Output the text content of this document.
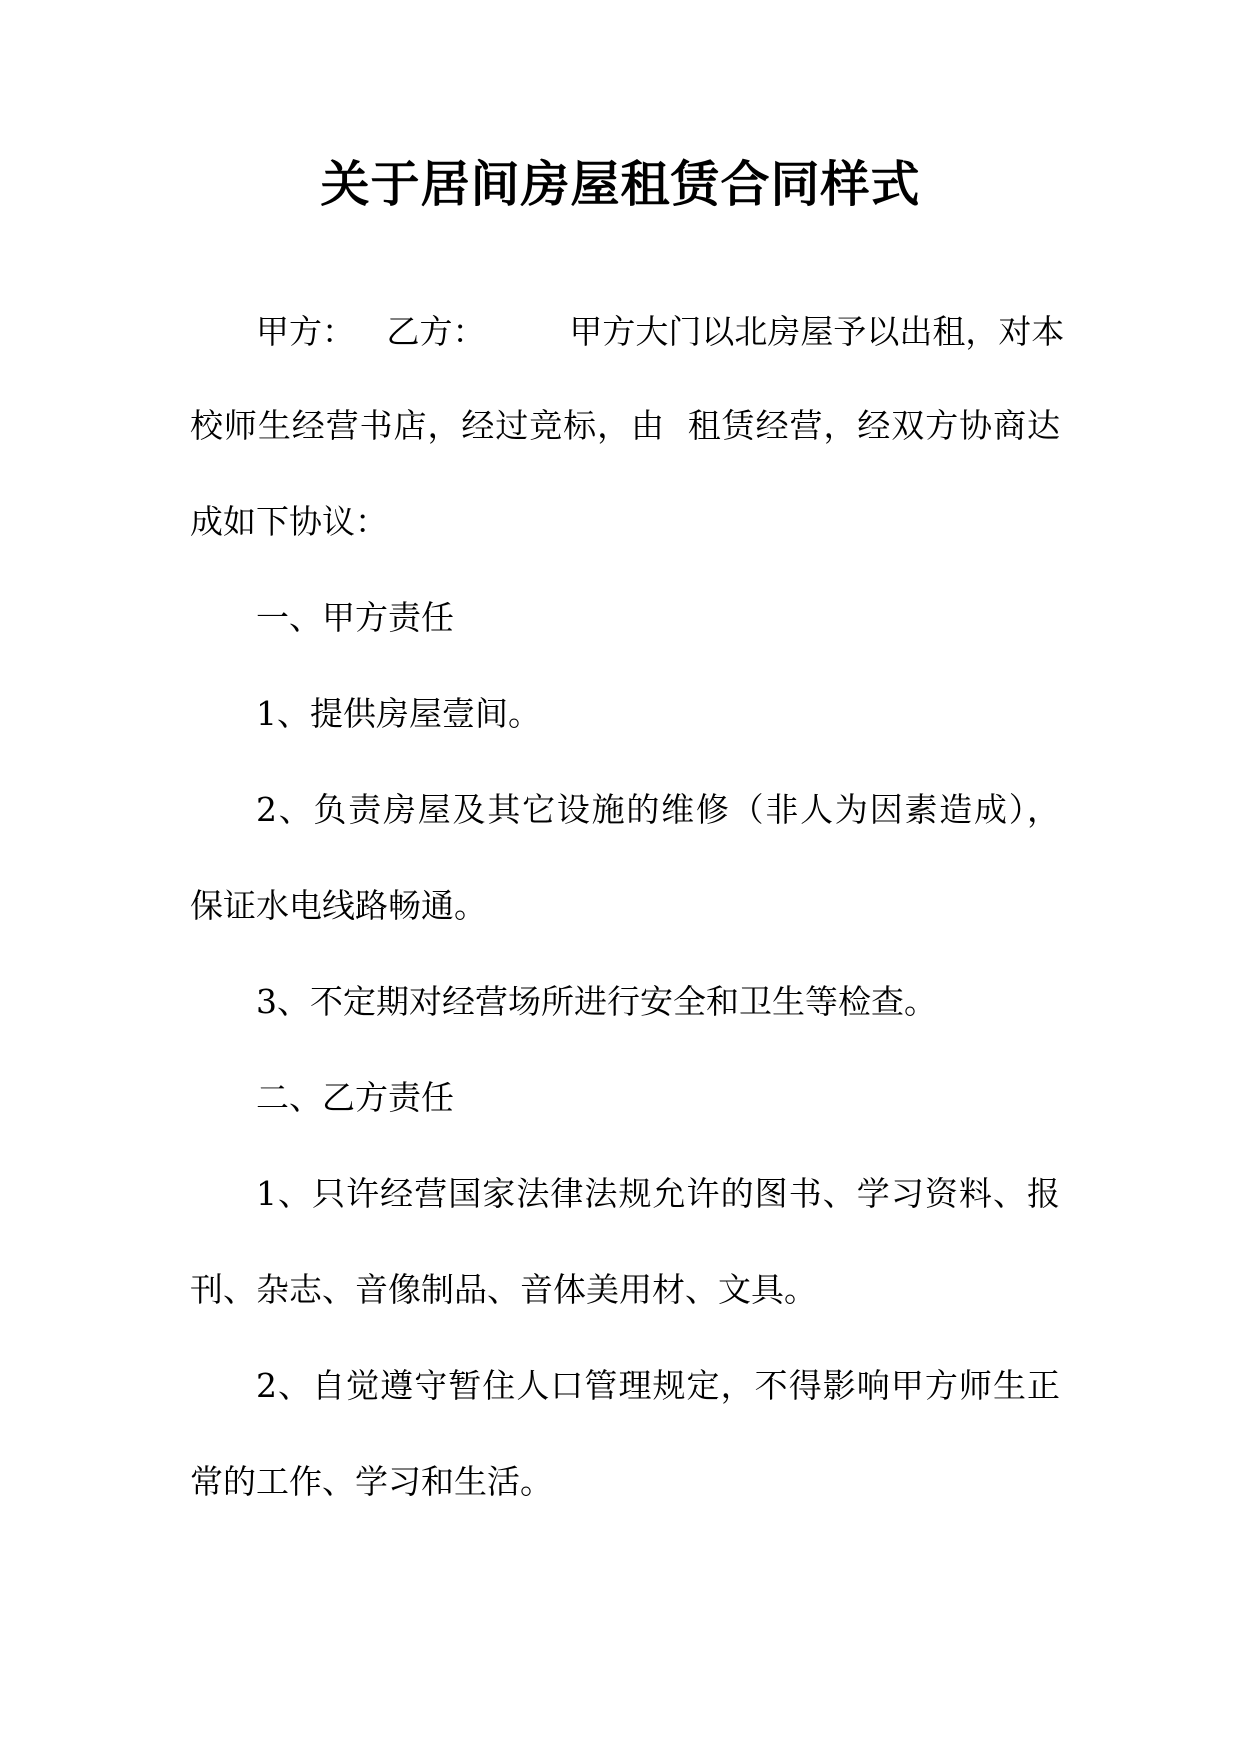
关于居间房屋租赁合同样式
甲方：   乙方：        甲方大门以北房屋予以出租，对本
校师生经营书店，经过竞标，由  租赁经营，经双方协商达
成如下协议：
一、甲方责任
1、提供房屋壹间。
2、负责房屋及其它设施的维修（非人为因素造成），
保证水电线路畅通。
3、不定期对经营场所进行安全和卫生等检查。
二、乙方责任
1、只许经营国家法律法规允许的图书、学习资料、报
刊、杂志、音像制品、音体美用材、文具。
2、自觉遵守暂住人口管理规定，不得影响甲方师生正
常的工作、学习和生活。
